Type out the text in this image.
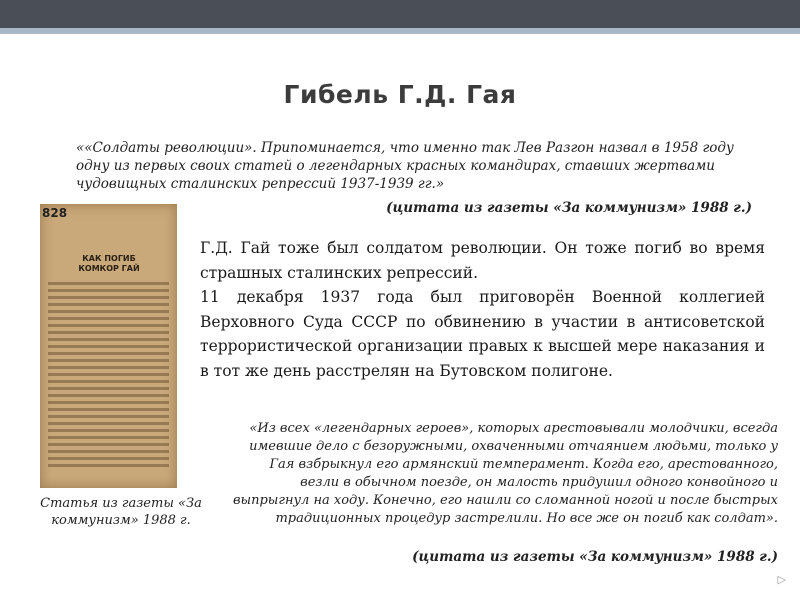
Гибель Г.Д. Гая
««Солдаты революции». Припоминается, что именно так Лев Разгон назвал в 1958 году одну из первых своих статей о легендарных красных командирах, ставших жертвами чудовищных сталинских репрессий 1937-1939 гг.»
(цитата из газеты «За коммунизм» 1988 г.)
828
КАК ПОГИБ КОМКОР ГАЙ
Статья из газеты «За коммунизм» 1988 г.

Г.Д. Гай тоже был солдатом революции. Он тоже погиб во время страшных сталинских репрессий.

11 декабря 1937 года был приговорён Военной коллегией Верховного Суда СССР по обвинению в участии в антисоветской террористической организации правых к высшей мере наказания и в тот же день расстрелян на Бутовском полигоне.

«Из всех «легендарных героев», которых арестовывали молодчики, всегда имевшие дело с безоружными, охваченными отчаянием людьми, только у Гая взбрыкнул его армянский темперамент. Когда его, арестованного, везли в обычном поезде, он малость придушил одного конвойного и выпрыгнул на ходу. Конечно, его нашли со сломанной ногой и после быстрых традиционных процедур застрелили. Но все же он погиб как солдат».
(цитата из газеты «За коммунизм» 1988 г.)
▷
